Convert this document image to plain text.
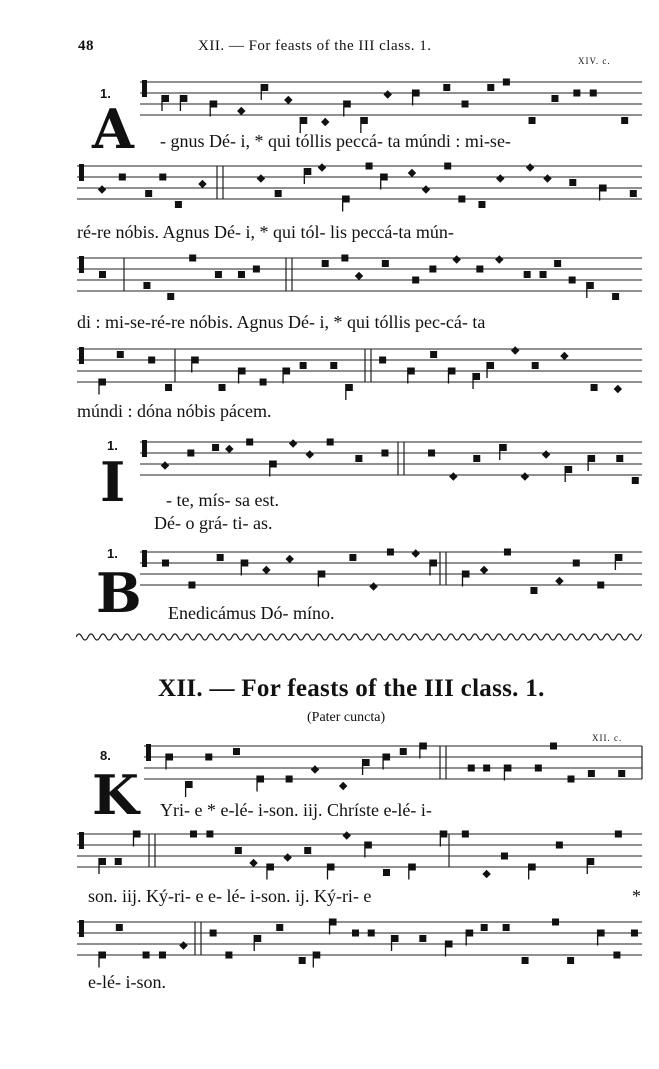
48	XII. — For feasts of the III class. 1.
XIV. c.
1.
A - gnus Dé- i, * qui tóllis peccá- ta múndi : mi-se-
ré-re nóbis. Agnus Dé- i, * qui tól- lis peccá-ta mún-
di : mi-se-ré-re nóbis. Agnus Dé- i, * qui tóllis pec-cá- ta
múndi : dóna nóbis pácem.
1.
I - te, mís- sa est.
Dé- o grá- ti- as.
1.
B Enedicámus Dó- míno.
XII. — For feasts of the III class. 1.
(Pater cuncta)
XII. c.
8.
K Yri- e * e-lé- i-son. iij. Chríste e-lé- i-
son. iij. Ký-ri- e e- lé- i-son. ij. Ký-ri- e	*
e-lé- i-son.
